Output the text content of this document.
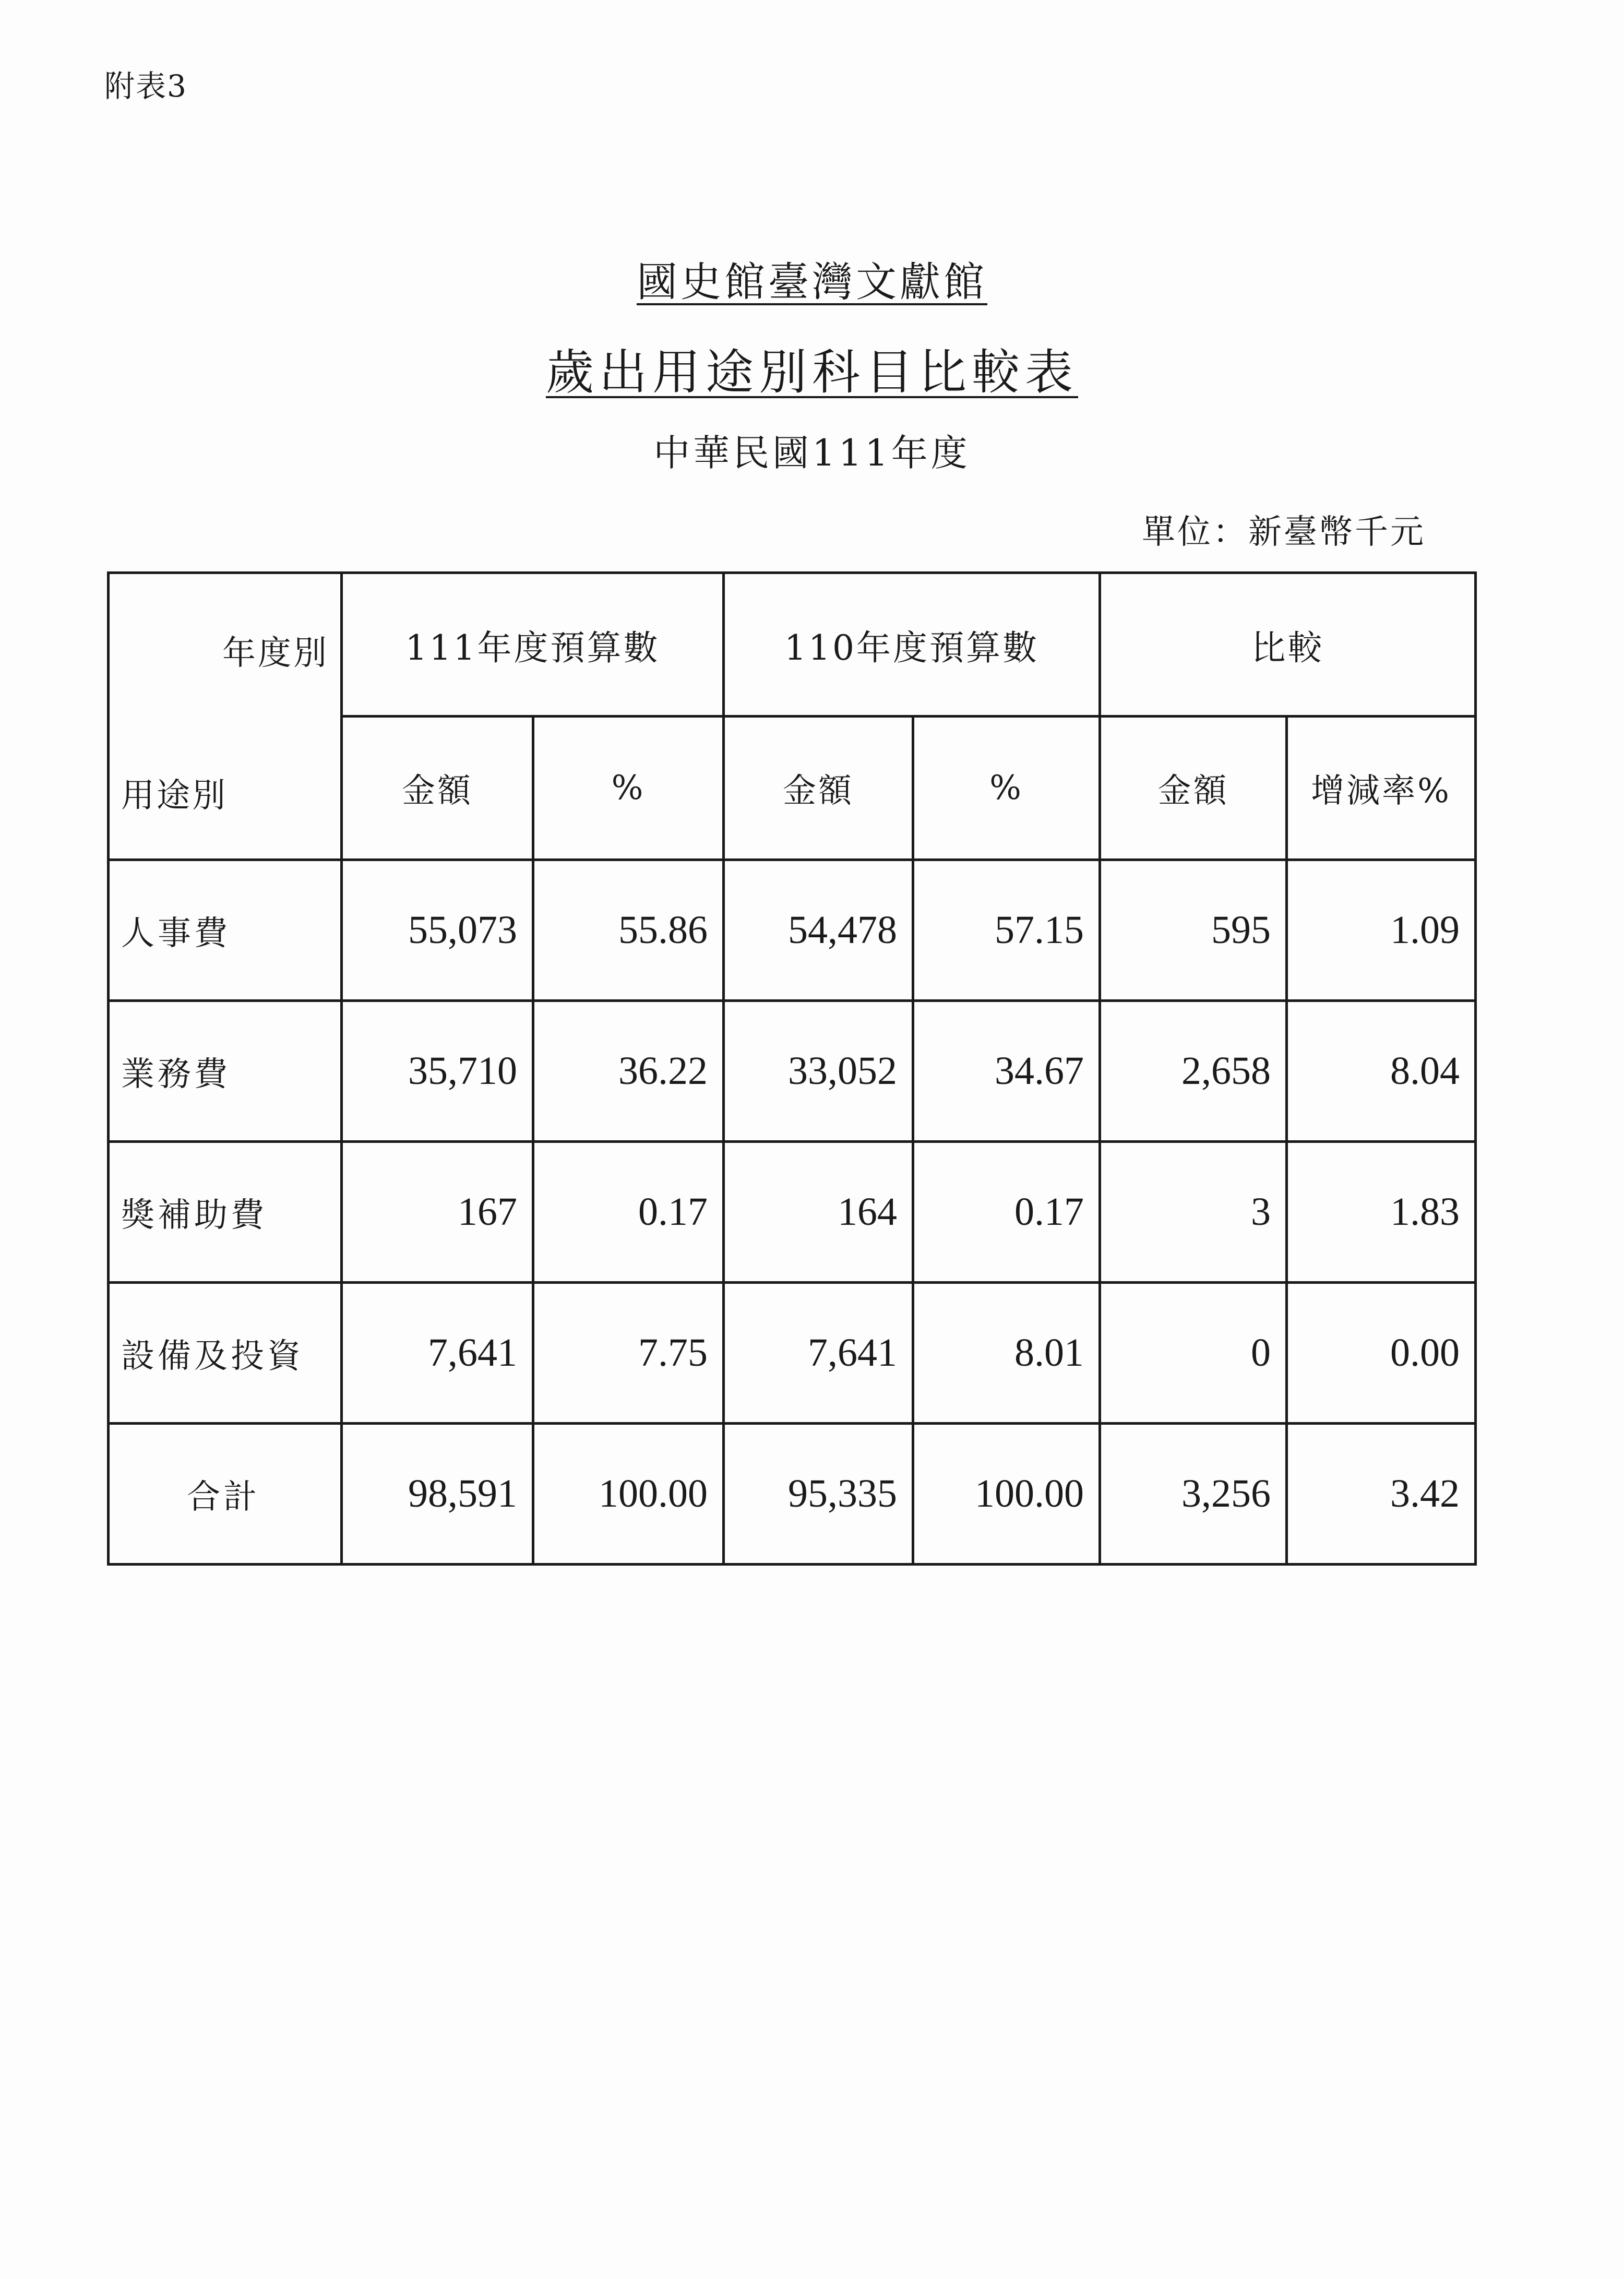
附表3
國史館臺灣文獻館
歲出用途別科目比較表
中華民國111年度
單位：新臺幣千元
年度別
用途別	111年度預算數		110年度預算數		比較	
	金額	%	金額	%	金額	增減率%
人事費	55,073	55.86	54,478	57.15	595	1.09
業務費	35,710	36.22	33,052	34.67	2,658	8.04
獎補助費	167	0.17	164	0.17	3	1.83
設備及投資	7,641	7.75	7,641	8.01	0	0.00
合計	98,591	100.00	95,335	100.00	3,256	3.42
